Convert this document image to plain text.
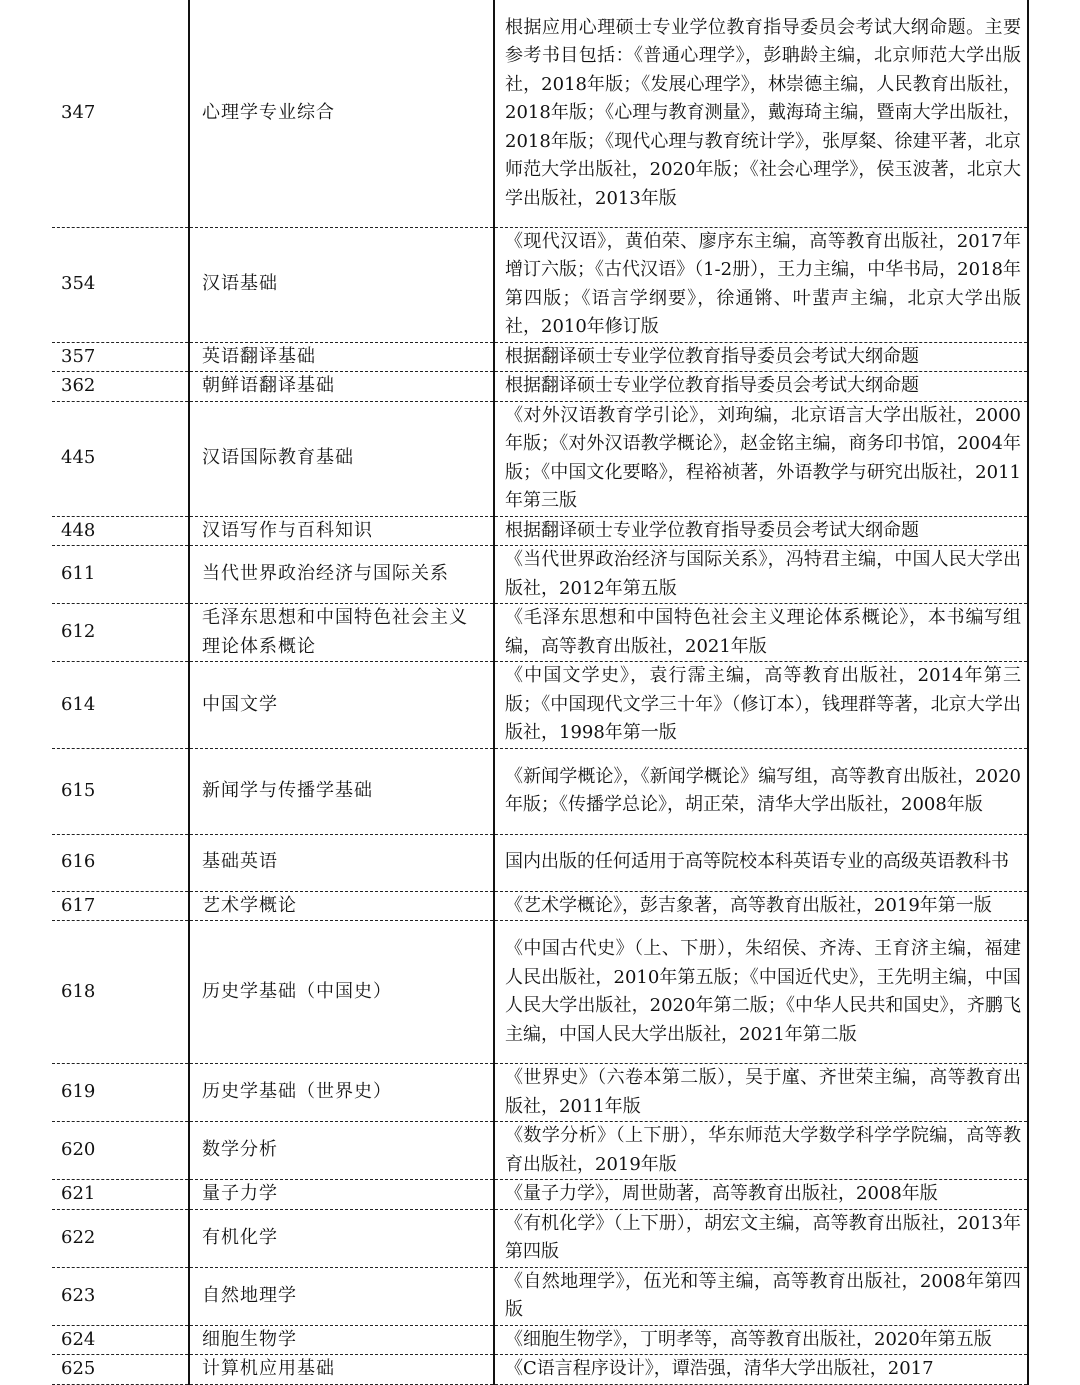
347	心理学专业综合	根据应用心理硕士专业学位教育指导委员会考试大纲命题。主要参考书目包括：《普通心理学》，彭聃龄主编，北京师范大学出版社，2018年版；《发展心理学》，林崇德主编，人民教育出版社，2018年版；《心理与教育测量》，戴海琦主编，暨南大学出版社，2018年版；《现代心理与教育统计学》，张厚粲、徐建平著，北京师范大学出版社，2020年版；《社会心理学》，侯玉波著，北京大学出版社，2013年版
354	汉语基础	《现代汉语》，黄伯荣、廖序东主编，高等教育出版社，2017年增订六版；《古代汉语》（1-2册），王力主编，中华书局，2018年第四版；《语言学纲要》，徐通锵、叶蜚声主编，北京大学出版社，2010年修订版
357	英语翻译基础	根据翻译硕士专业学位教育指导委员会考试大纲命题
362	朝鲜语翻译基础	根据翻译硕士专业学位教育指导委员会考试大纲命题
445	汉语国际教育基础	《对外汉语教育学引论》，刘珣编，北京语言大学出版社，2000年版；《对外汉语教学概论》，赵金铭主编，商务印书馆，2004年版；《中国文化要略》，程裕祯著，外语教学与研究出版社，2011年第三版
448	汉语写作与百科知识	根据翻译硕士专业学位教育指导委员会考试大纲命题
611	当代世界政治经济与国际关系	《当代世界政治经济与国际关系》，冯特君主编，中国人民大学出版社，2012年第五版
612	毛泽东思想和中国特色社会主义理论体系概论	《毛泽东思想和中国特色社会主义理论体系概论》，本书编写组编，高等教育出版社，2021年版
614	中国文学	《中国文学史》，袁行霈主编，高等教育出版社，2014年第三版；《中国现代文学三十年》（修订本），钱理群等著，北京大学出版社，1998年第一版
615	新闻学与传播学基础	《新闻学概论》，《新闻学概论》编写组，高等教育出版社，2020年版；《传播学总论》，胡正荣，清华大学出版社，2008年版
616	基础英语	国内出版的任何适用于高等院校本科英语专业的高级英语教科书
617	艺术学概论	《艺术学概论》，彭吉象著，高等教育出版社，2019年第一版
618	历史学基础（中国史）	《中国古代史》（上、下册），朱绍侯、齐涛、王育济主编，福建人民出版社，2010年第五版；《中国近代史》，王先明主编，中国人民大学出版社，2020年第二版；《中华人民共和国史》，齐鹏飞主编，中国人民大学出版社，2021年第二版
619	历史学基础（世界史）	《世界史》（六卷本第二版），吴于廑、齐世荣主编，高等教育出版社，2011年版
620	数学分析	《数学分析》（上下册），华东师范大学数学科学学院编，高等教育出版社，2019年版
621	量子力学	《量子力学》，周世勋著，高等教育出版社，2008年版
622	有机化学	《有机化学》（上下册），胡宏文主编，高等教育出版社，2013年第四版
623	自然地理学	《自然地理学》，伍光和等主编，高等教育出版社，2008年第四版
624	细胞生物学	《细胞生物学》，丁明孝等，高等教育出版社，2020年第五版
625	计算机应用基础	《C语言程序设计》，谭浩强，清华大学出版社，2017
